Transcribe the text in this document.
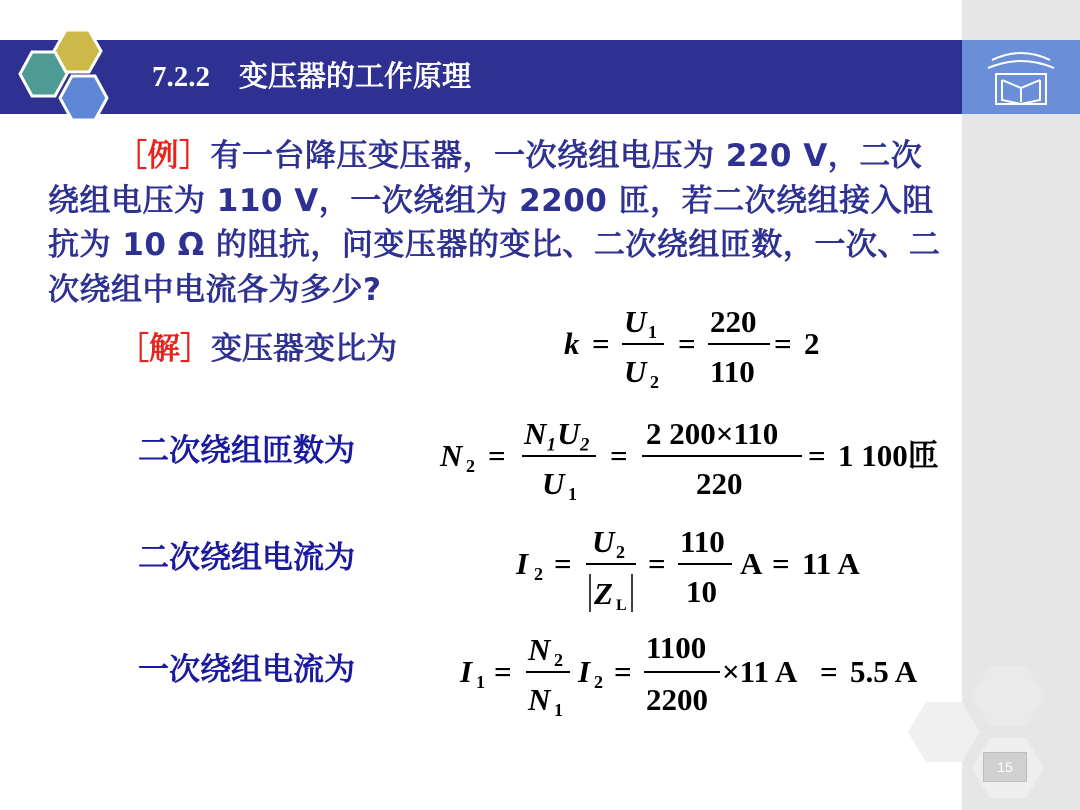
7.2.2    变压器的工作原理
［例］有一台降压变压器，一次绕组电压为 220 V，二次绕组电压为 110 V，一次绕组为 2200 匝，若二次绕组接入阻抗为 10 Ω 的阻抗，问变压器的变比、二次绕组匝数，一次、二次绕组中电流各为多少?
［解］变压器变比为
二次绕组匝数为
二次绕组电流为
一次绕组电流为
k =
U 1
U 2
=
220
110
= 2
N 2 =
N₁U₂
U 1
=
2 200×110
220
= 1 100匝
I 2 =
U 2
Z L
=
110
10
A = 11 A
I 1 =
N 2
N 1
I 2 =
1100
2200
×11 A = 5.5 A
15
